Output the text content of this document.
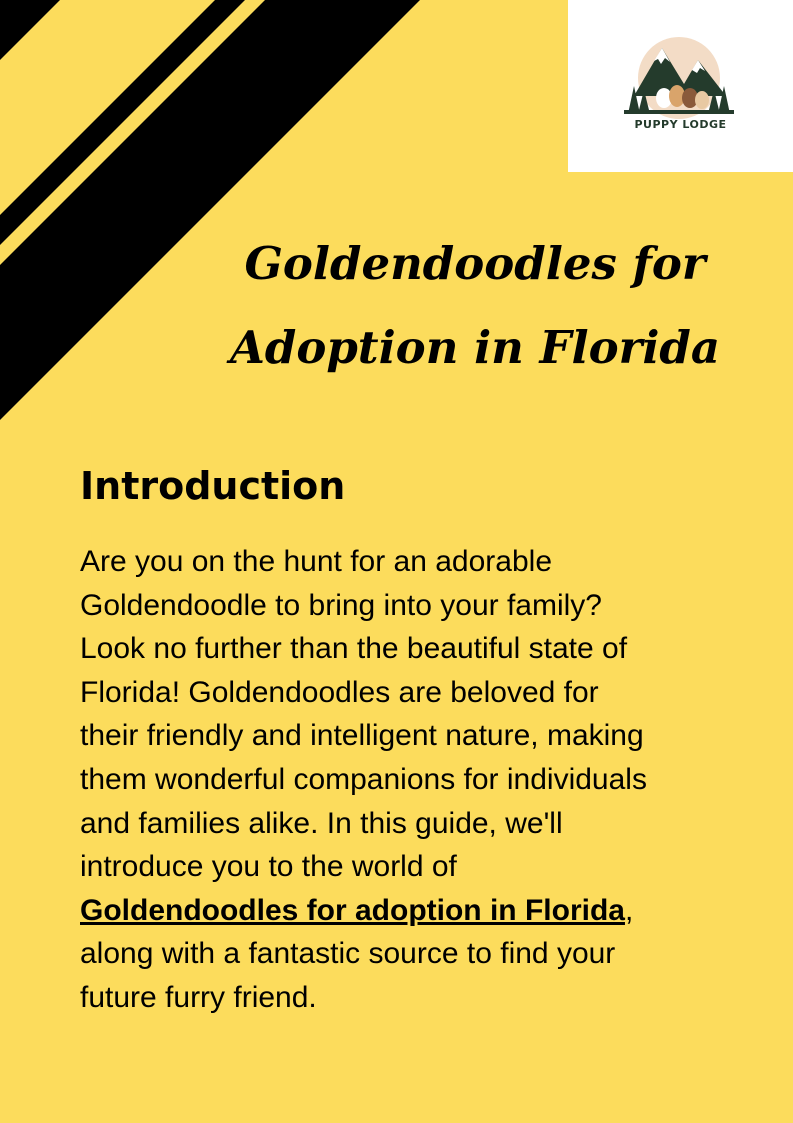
PUPPY LODGE
Goldendoodles for Adoption in Florida
Introduction

Are you on the hunt for an adorable
Goldendoodle to bring into your family?
Look no further than the beautiful state of
Florida! Goldendoodles are beloved for
their friendly and intelligent nature, making
them wonderful companions for individuals
and families alike. In this guide, we'll
introduce you to the world of
Goldendoodles for adoption in Florida,
along with a fantastic source to find your
future furry friend.
